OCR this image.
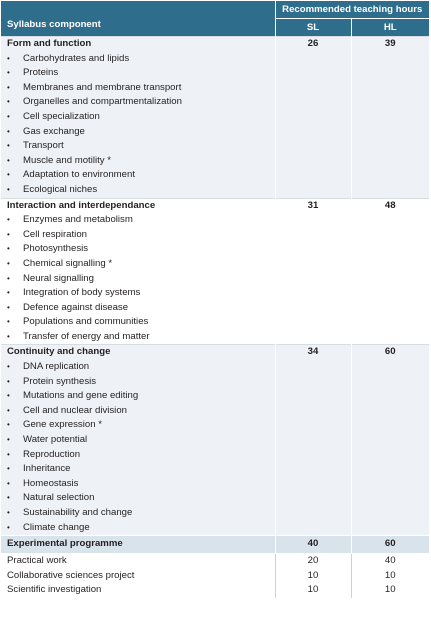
Syllabus component	Recommended teaching hours	
	SL	HL
Form and function	26	39
• Carbohydrates and lipids		
• Proteins		
• Membranes and membrane transport		
• Organelles and compartmentalization		
• Cell specialization		
• Gas exchange		
• Transport		
• Muscle and motility *		
• Adaptation to environment		
• Ecological niches		
Interaction and interdependance	31	48
• Enzymes and metabolism		
• Cell respiration		
• Photosynthesis		
• Chemical signalling *		
• Neural signalling		
• Integration of body systems		
• Defence against disease		
• Populations and communities		
• Transfer of energy and matter		
Continuity and change	34	60
• DNA replication		
• Protein synthesis		
• Mutations and gene editing		
• Cell and nuclear division		
• Gene expression *		
• Water potential		
• Reproduction		
• Inheritance		
• Homeostasis		
• Natural selection		
• Sustainability and change		
• Climate change		
Experimental programme	40	60
Practical work	20	40
Collaborative sciences project	10	10
Scientific investigation	10	10
